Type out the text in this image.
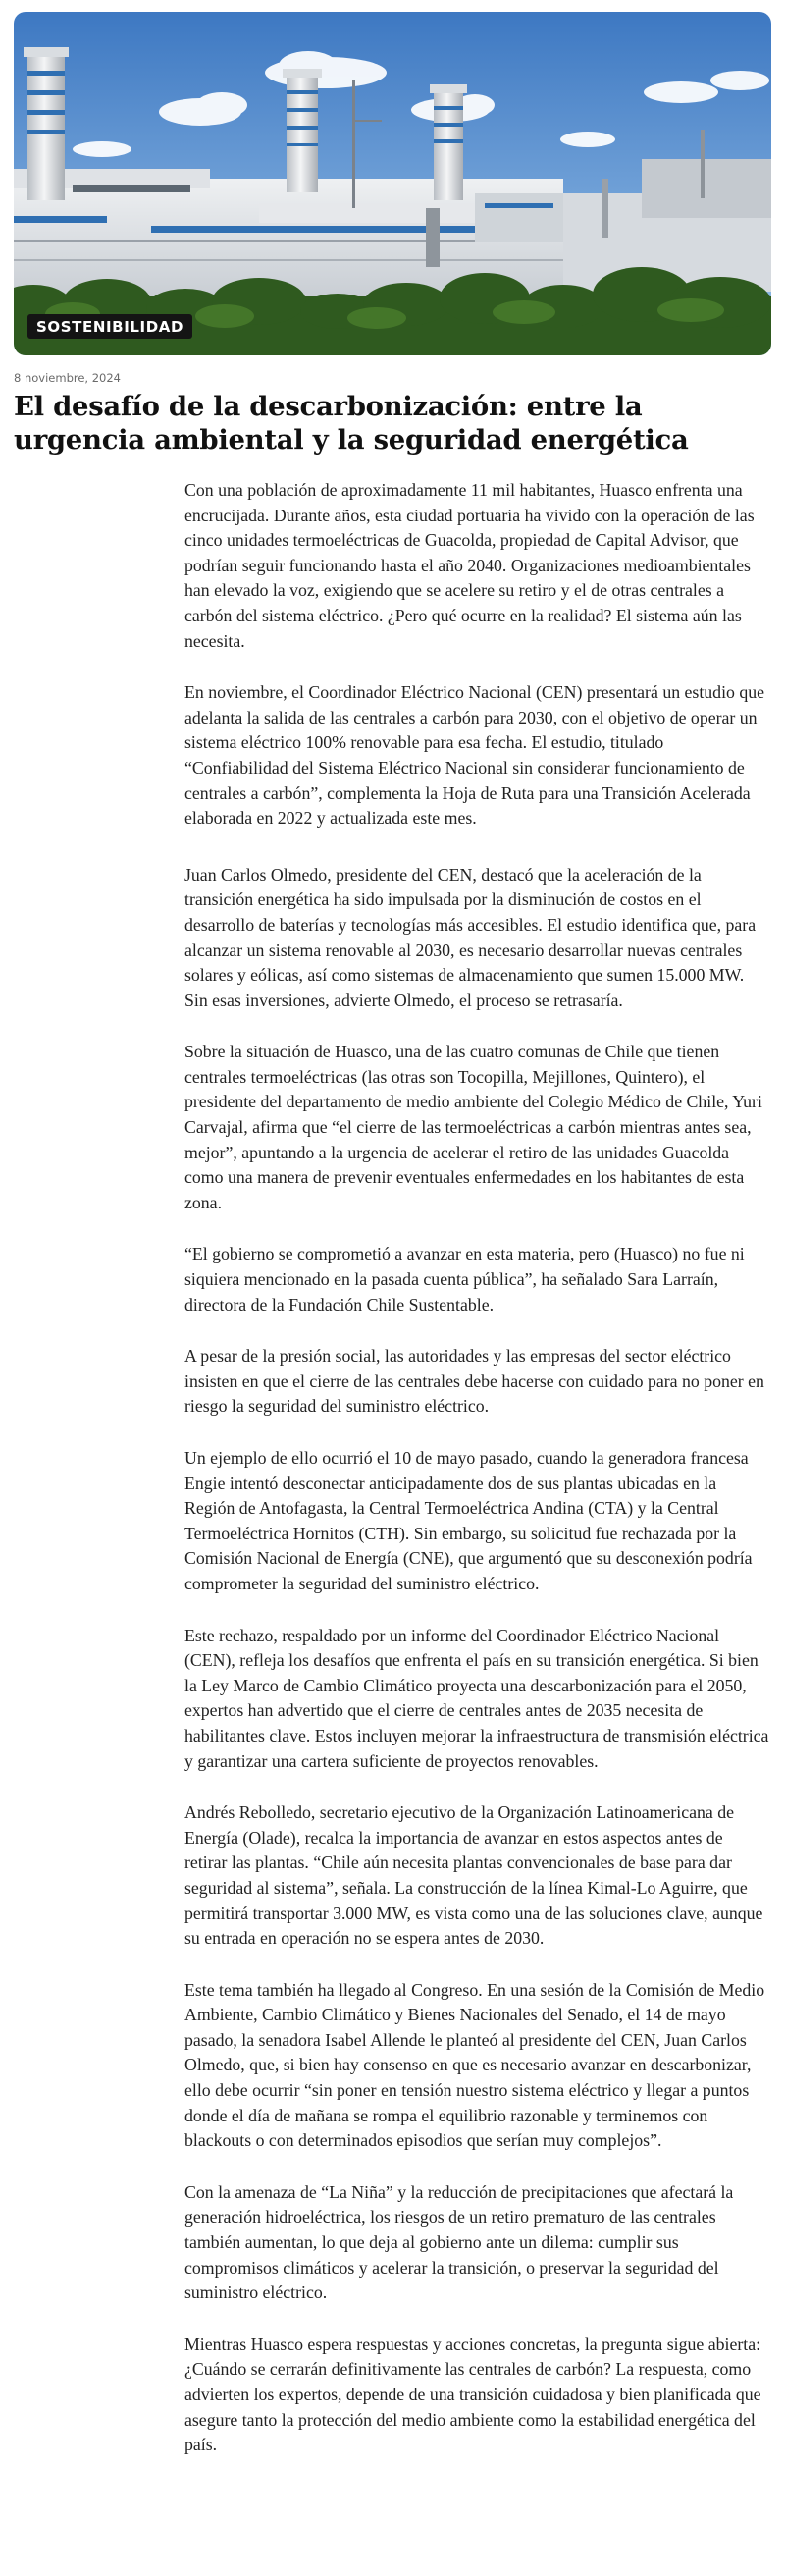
SOSTENIBILIDAD
8 noviembre, 2024
El desafío de la descarbonización: entre la urgencia ambiental y la seguridad energética

Con una población de aproximadamente 11 mil habitantes, Huasco enfrenta una encrucijada. Durante años, esta ciudad portuaria ha vivido con la operación de las cinco unidades termoeléctricas de Guacolda, propiedad de Capital Advisor, que podrían seguir funcionando hasta el año 2040. Organizaciones medioambientales han elevado la voz, exigiendo que se acelere su retiro y el de otras centrales a carbón del sistema eléctrico. ¿Pero qué ocurre en la realidad? El sistema aún las necesita.

En noviembre, el Coordinador Eléctrico Nacional (CEN) presentará un estudio que adelanta la salida de las centrales a carbón para 2030, con el objetivo de operar un sistema eléctrico 100% renovable para esa fecha. El estudio, titulado “Confiabilidad del Sistema Eléctrico Nacional sin considerar funcionamiento de centrales a carbón”, complementa la Hoja de Ruta para una Transición Acelerada elaborada en 2022 y actualizada este mes.

Juan Carlos Olmedo, presidente del CEN, destacó que la aceleración de la transición energética ha sido impulsada por la disminución de costos en el desarrollo de baterías y tecnologías más accesibles. El estudio identifica que, para alcanzar un sistema renovable al 2030, es necesario desarrollar nuevas centrales solares y eólicas, así como sistemas de almacenamiento que sumen 15.000 MW. Sin esas inversiones, advierte Olmedo, el proceso se retrasaría.

Sobre la situación de Huasco, una de las cuatro comunas de Chile que tienen centrales termoeléctricas (las otras son Tocopilla, Mejillones, Quintero), el presidente del departamento de medio ambiente del Colegio Médico de Chile, Yuri Carvajal, afirma que “el cierre de las termoeléctricas a carbón mientras antes sea, mejor”, apuntando a la urgencia de acelerar el retiro de las unidades Guacolda como una manera de prevenir eventuales enfermedades en los habitantes de esta zona.

“El gobierno se comprometió a avanzar en esta materia, pero (Huasco) no fue ni siquiera mencionado en la pasada cuenta pública”, ha señalado Sara Larraín, directora de la Fundación Chile Sustentable.

A pesar de la presión social, las autoridades y las empresas del sector eléctrico insisten en que el cierre de las centrales debe hacerse con cuidado para no poner en riesgo la seguridad del suministro eléctrico.

Un ejemplo de ello ocurrió el 10 de mayo pasado, cuando la generadora francesa Engie intentó desconectar anticipadamente dos de sus plantas ubicadas en la Región de Antofagasta, la Central Termoeléctrica Andina (CTA) y la Central Termoeléctrica Hornitos (CTH). Sin embargo, su solicitud fue rechazada por la Comisión Nacional de Energía (CNE), que argumentó que su desconexión podría comprometer la seguridad del suministro eléctrico.

Este rechazo, respaldado por un informe del Coordinador Eléctrico Nacional (CEN), refleja los desafíos que enfrenta el país en su transición energética. Si bien la Ley Marco de Cambio Climático proyecta una descarbonización para el 2050, expertos han advertido que el cierre de centrales antes de 2035 necesita de habilitantes clave. Estos incluyen mejorar la infraestructura de transmisión eléctrica y garantizar una cartera suficiente de proyectos renovables.

Andrés Rebolledo, secretario ejecutivo de la Organización Latinoamericana de Energía (Olade), recalca la importancia de avanzar en estos aspectos antes de retirar las plantas. “Chile aún necesita plantas convencionales de base para dar seguridad al sistema”, señala. La construcción de la línea Kimal-Lo Aguirre, que permitirá transportar 3.000 MW, es vista como una de las soluciones clave, aunque su entrada en operación no se espera antes de 2030.

Este tema también ha llegado al Congreso. En una sesión de la Comisión de Medio Ambiente, Cambio Climático y Bienes Nacionales del Senado, el 14 de mayo pasado, la senadora Isabel Allende le planteó al presidente del CEN, Juan Carlos Olmedo, que, si bien hay consenso en que es necesario avanzar en descarbonizar, ello debe ocurrir “sin poner en tensión nuestro sistema eléctrico y llegar a puntos donde el día de mañana se rompa el equilibrio razonable y terminemos con blackouts o con determinados episodios que serían muy complejos”.

Con la amenaza de “La Niña” y la reducción de precipitaciones que afectará la generación hidroeléctrica, los riesgos de un retiro prematuro de las centrales también aumentan, lo que deja al gobierno ante un dilema: cumplir sus compromisos climáticos y acelerar la transición, o preservar la seguridad del suministro eléctrico.

Mientras Huasco espera respuestas y acciones concretas, la pregunta sigue abierta: ¿Cuándo se cerrarán definitivamente las centrales de carbón? La respuesta, como advierten los expertos, depende de una transición cuidadosa y bien planificada que asegure tanto la protección del medio ambiente como la estabilidad energética del país.
